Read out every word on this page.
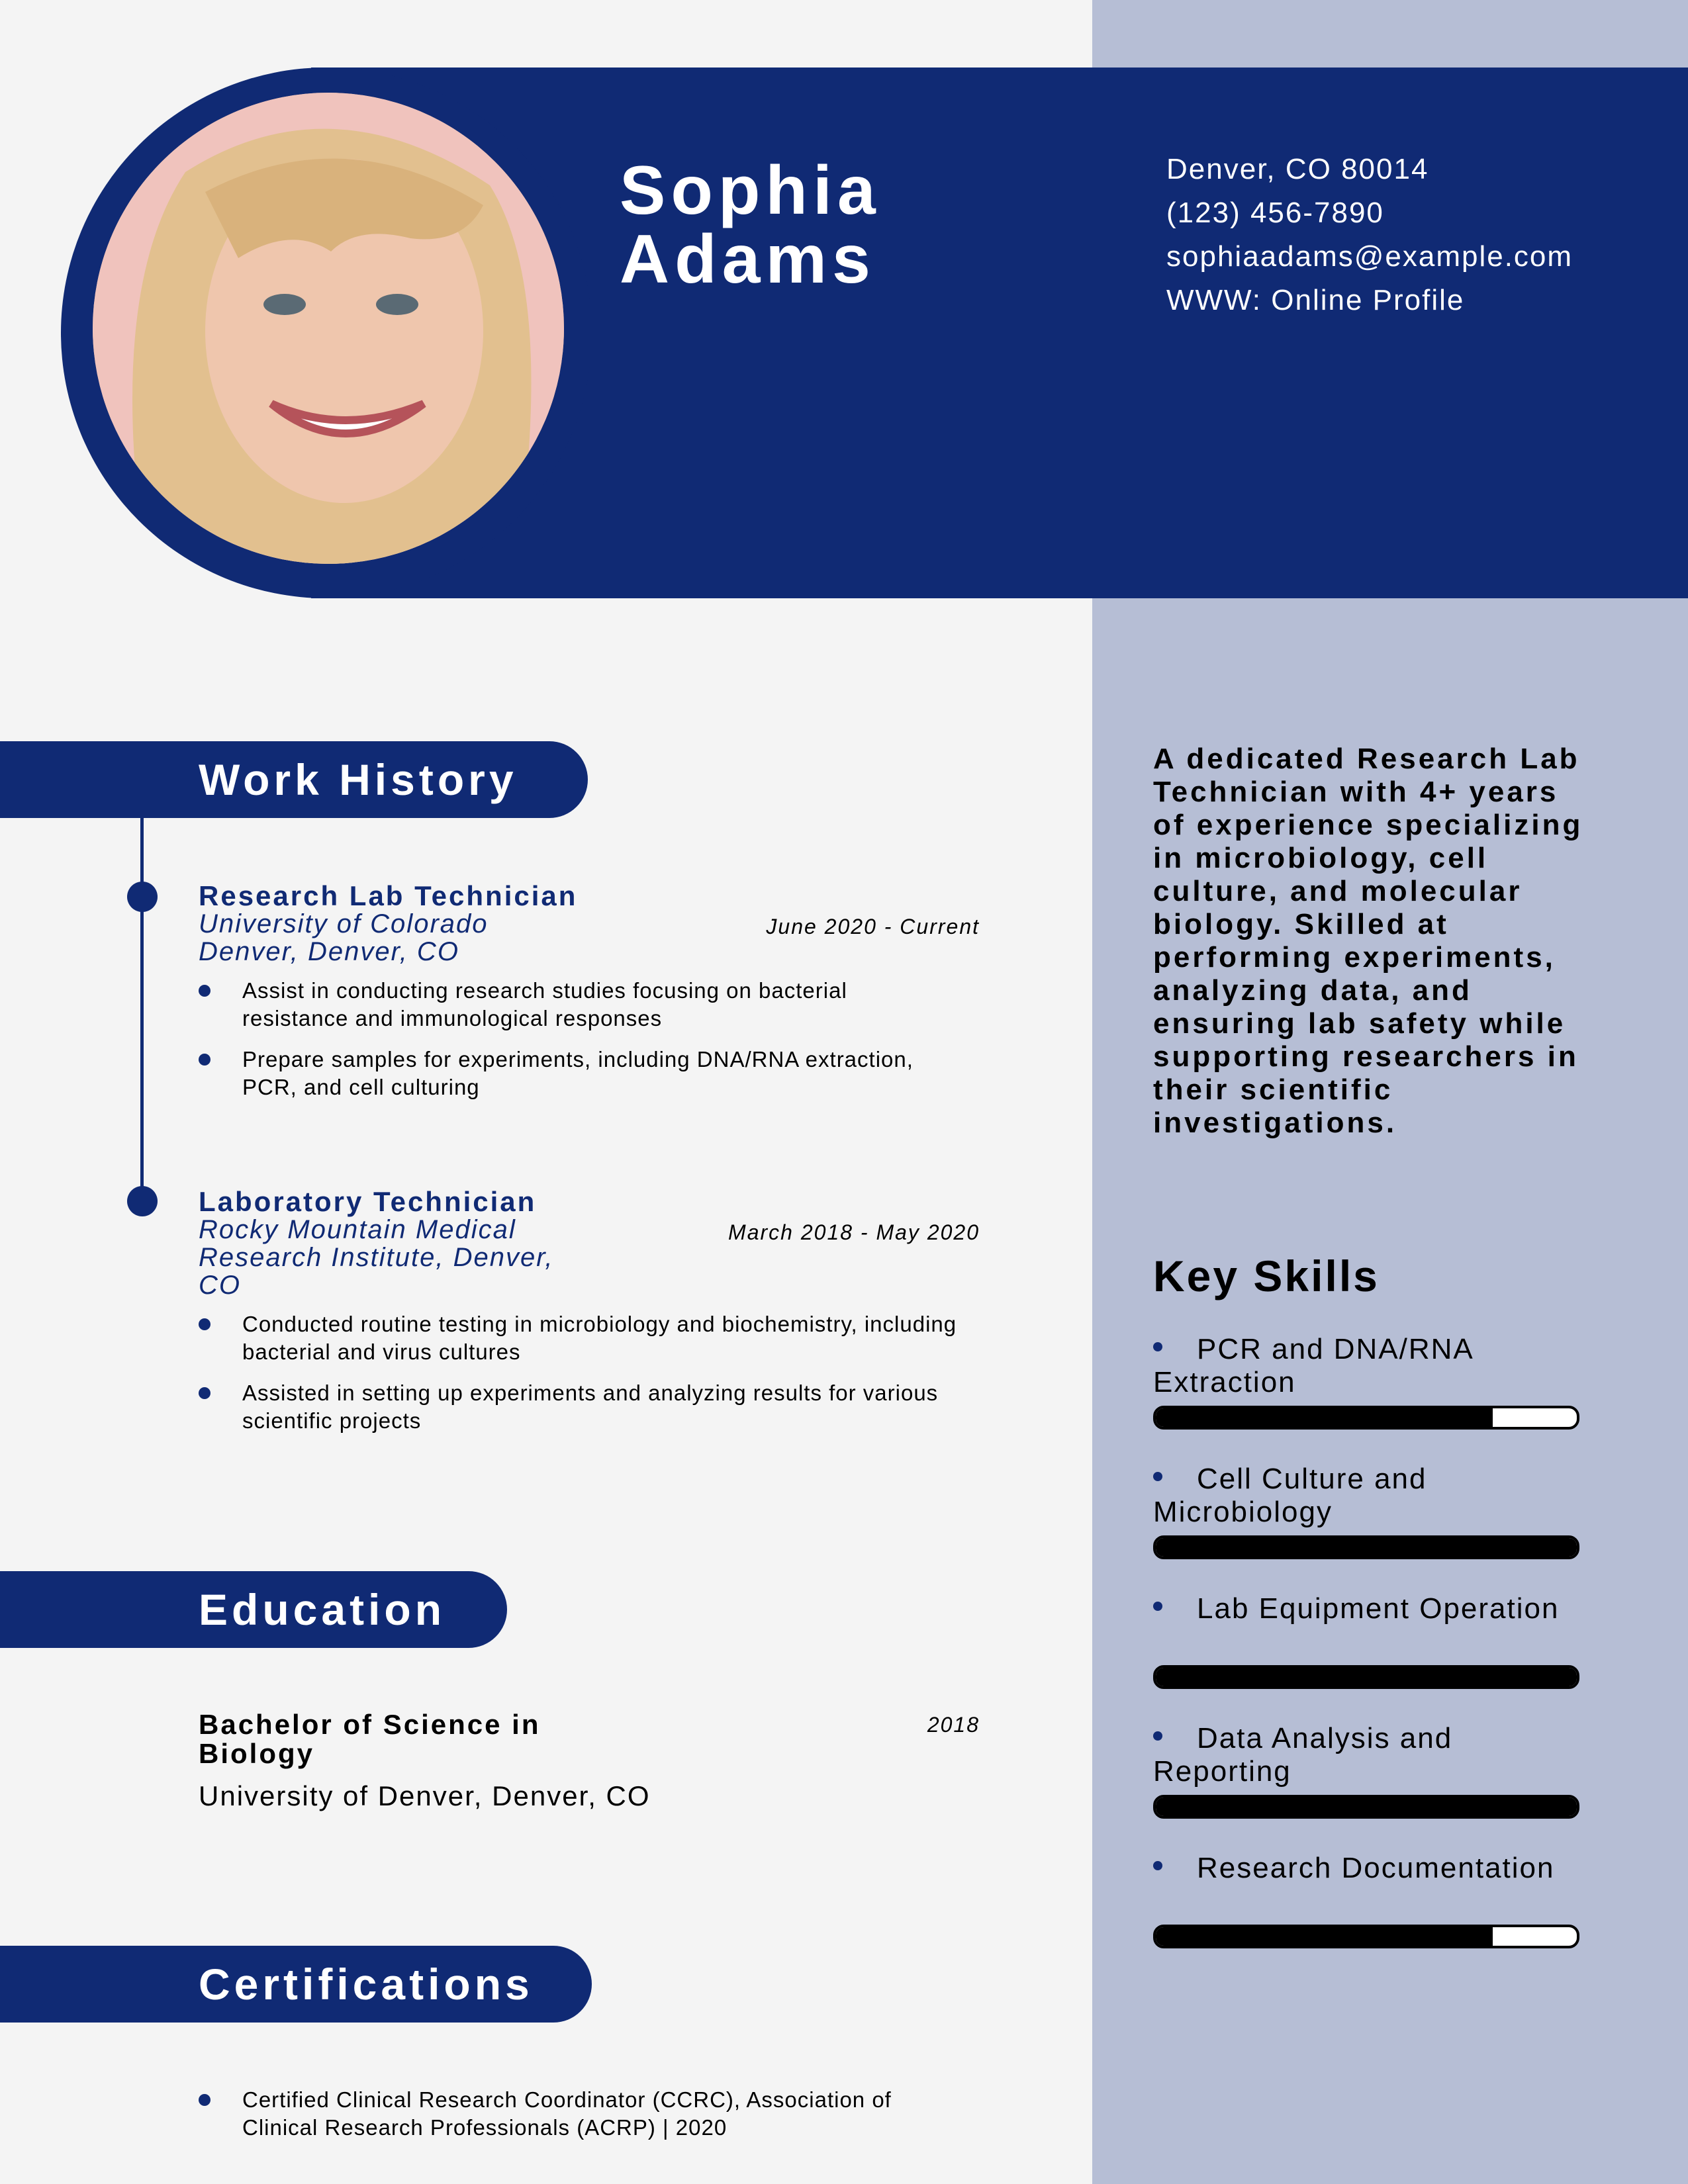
Sophia
Adams
Denver, CO 80014
(123) 456-7890
sophiaadams@example.com
WWW: Online Profile
Work History
Research Lab Technician
University of Colorado
Denver, Denver, CO
June 2020 - Current
Assist in conducting research studies focusing on bacterial resistance and immunological responses
Prepare samples for experiments, including DNA/RNA extraction, PCR, and cell culturing
Laboratory Technician
Rocky Mountain Medical
Research Institute, Denver,
CO
March 2018 - May 2020
Conducted routine testing in microbiology and biochemistry, including bacterial and virus cultures
Assisted in setting up experiments and analyzing results for various scientific projects
Education
Bachelor of Science in Biology
2018
University of Denver, Denver, CO
Certifications
Certified Clinical Research Coordinator (CCRC), Association of Clinical Research Professionals (ACRP) | 2020
A dedicated Research Lab Technician with 4+ years of experience specializing in microbiology, cell culture, and molecular biology. Skilled at performing experiments, analyzing data, and ensuring lab safety while supporting researchers in their scientific investigations.
Key Skills
PCR and DNA/RNA Extraction
Cell Culture and Microbiology
Lab Equipment Operation
Data Analysis and Reporting
Research Documentation
